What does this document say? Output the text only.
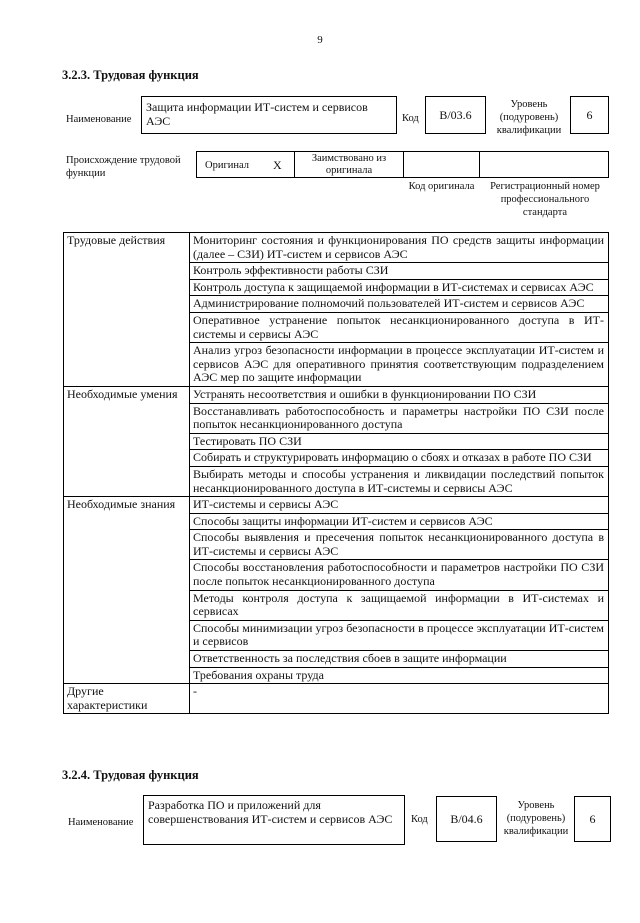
9
3.2.3. Трудовая функция
Наименование
Защита информации ИТ-систем и сервисов АЭС	Код B/03.6
Уровень (подуровень) квалификации
6
Происхождение трудовой функции
Оригинал X	Заимствовано из оригинала
Код оригинала	Регистрационный номер профессионального стандарта
Трудовые действия	Мониторинг состояния и функционирования ПО средств защиты информации (далее – СЗИ) ИТ-систем и сервисов АЭС
	Контроль эффективности работы СЗИ
	Контроль доступа к защищаемой информации в ИТ-системах и сервисах АЭС
	Администрирование полномочий пользователей ИТ-систем и сервисов АЭС
	Оперативное устранение попыток несанкционированного доступа в ИТ-системы и сервисы АЭС
	Анализ угроз безопасности информации в процессе эксплуатации ИТ-систем и сервисов АЭС для оперативного принятия соответствующим подразделением АЭС мер по защите информации
Необходимые умения	Устранять несоответствия и ошибки в функционировании ПО СЗИ
	Восстанавливать работоспособность и параметры настройки ПО СЗИ после попыток несанкционированного доступа
	Тестировать ПО СЗИ
	Собирать и структурировать информацию о сбоях и отказах в работе ПО СЗИ
	Выбирать методы и способы устранения и ликвидации последствий попыток несанкционированного доступа в ИТ-системы и сервисы АЭС
Необходимые знания	ИТ-системы и сервисы АЭС
	Способы защиты информации ИТ-систем и сервисов АЭС
	Способы выявления и пресечения попыток несанкционированного доступа в ИТ-системы и сервисы АЭС
	Способы восстановления работоспособности и параметров настройки ПО СЗИ после попыток несанкционированного доступа
	Методы контроля доступа к защищаемой информации в ИТ-системах и сервисах
	Способы минимизации угроз безопасности в процессе эксплуатации ИТ-систем и сервисов
	Ответственность за последствия сбоев в защите информации
	Требования охраны труда
Другие характеристики	-
3.2.4. Трудовая функция
Наименование
Разработка ПО и приложений для совершенствования ИТ-систем и сервисов АЭС	Код B/04.6
Уровень (подуровень) квалификации
6
